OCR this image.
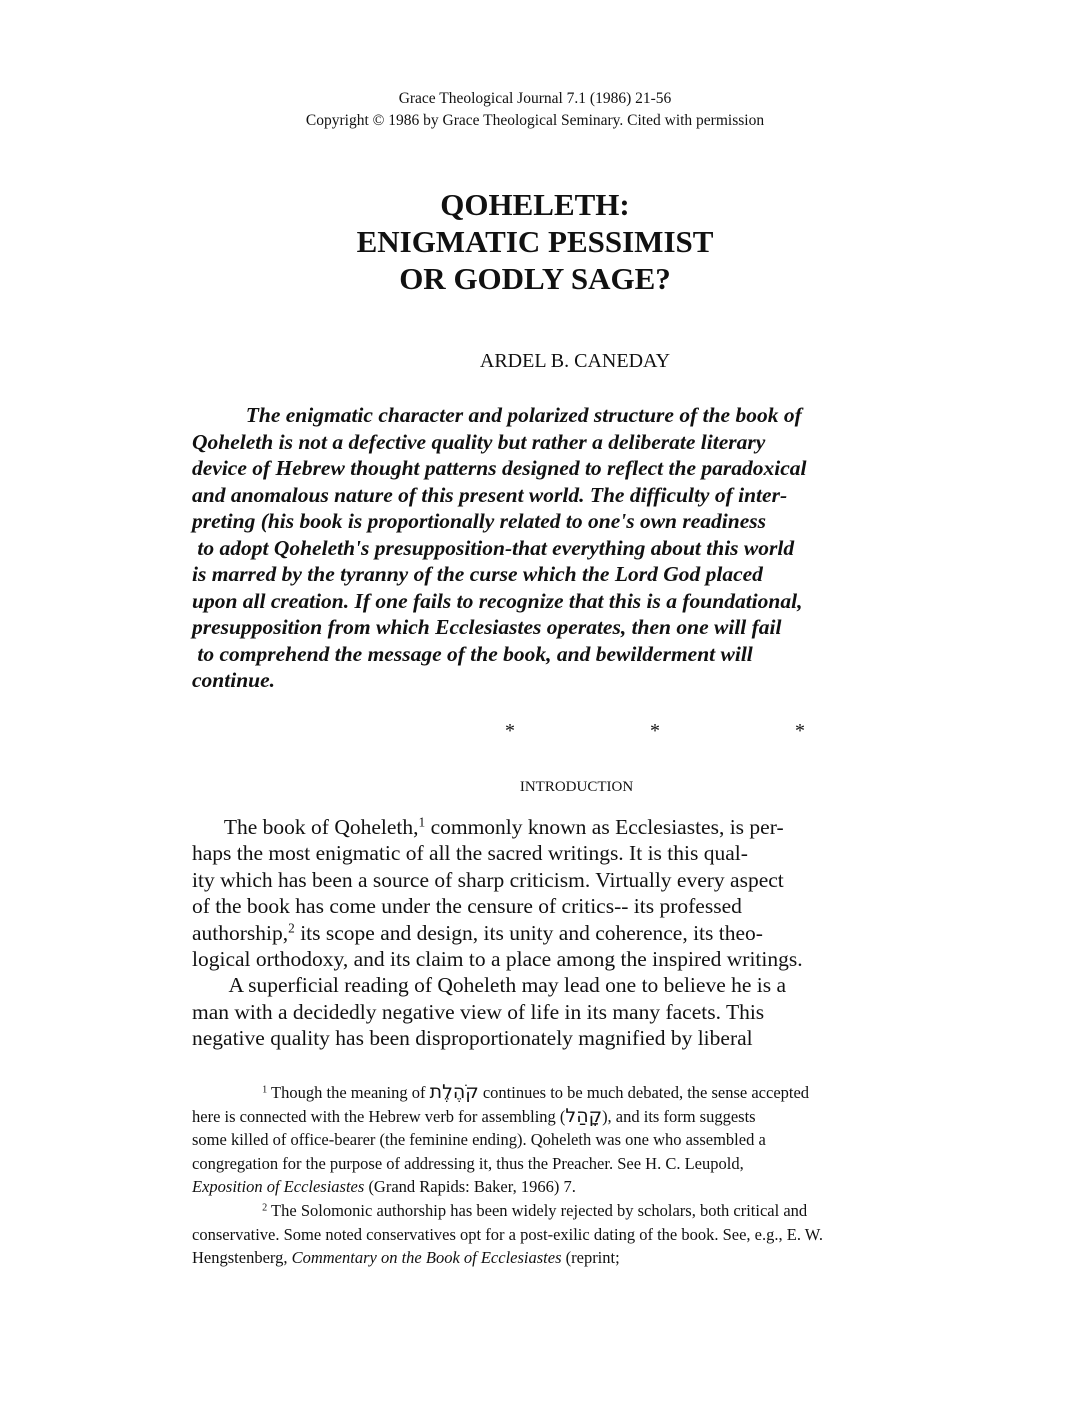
Grace Theological Journal 7.1 (1986) 21-56
Copyright © 1986 by Grace Theological Seminary. Cited with permission
QOHELETH:
ENIGMATIC PESSIMIST
OR GODLY SAGE?
ARDEL B. CANEDAY
The enigmatic character and polarized structure of the book of
Qoheleth is not a defective quality but rather a deliberate literary
device of Hebrew thought patterns designed to reflect the paradoxical
and anomalous nature of this present world. The difficulty of inter-
preting (his book is proportionally related to one's own readiness
to adopt Qoheleth's presupposition-that everything about this world
is marred by the tyranny of the curse which the Lord God placed
upon all creation. If one fails to recognize that this is a foundational,
presupposition from which Ecclesiastes operates, then one will fail
to comprehend the message of the book, and bewilderment will
continue.
*   *   *
INTRODUCTION
The book of Qoheleth,$^1$ commonly known as Ecclesiastes, is per-
haps the most enigmatic of all the sacred writings. It is this qual-
ity which has been a source of sharp criticism. Virtually every aspect
of the book has come under the censure of critics-- its professed
authorship,$^2$ its scope and design, its unity and coherence, its theo-
logical orthodoxy, and its claim to a place among the inspired writings.
A superficial reading of Qoheleth may lead one to believe he is a
man with a decidedly negative view of life in its many facets. This
negative quality has been disproportionately magnified by liberal
$^1$ Though the meaning of קֹהֶלֶת continues to be much debated, the sense accepted
here is connected with the Hebrew verb for assembling (קָהַל), and its form suggests
some killed of office-bearer (the feminine ending). Qoheleth was one who assembled a
congregation for the purpose of addressing it, thus the Preacher. See H. C. Leupold,
Exposition of Ecclesiastes (Grand Rapids: Baker, 1966) 7.
$^2$ The Solomonic authorship has been widely rejected by scholars, both critical and
conservative. Some noted conservatives opt for a post-exilic dating of the book. See, e.g., E. W.
Hengstenberg, Commentary on the Book of Ecclesiastes (reprint;
